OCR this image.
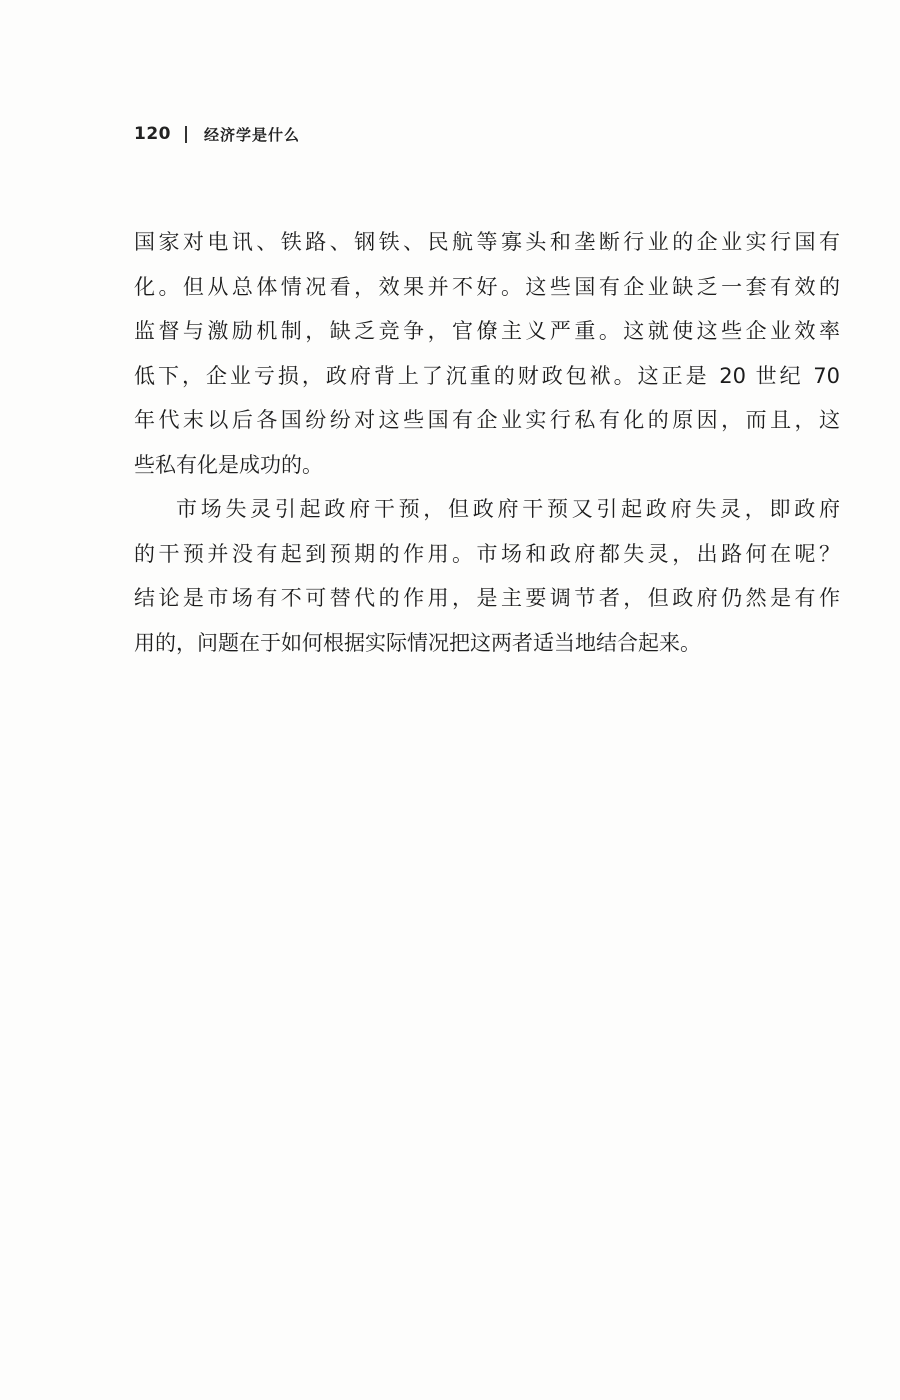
120 经济学是什么
国家对电讯、铁路、钢铁、民航等寡头和垄断行业的企业实行国有
化。但从总体情况看，效果并不好。这些国有企业缺乏一套有效的
监督与激励机制，缺乏竞争，官僚主义严重。这就使这些企业效率
低下，企业亏损，政府背上了沉重的财政包袱。这正是 20 世纪 70
年代末以后各国纷纷对这些国有企业实行私有化的原因，而且，这
些私有化是成功的。
市场失灵引起政府干预，但政府干预又引起政府失灵，即政府
的干预并没有起到预期的作用。市场和政府都失灵，出路何在呢？
结论是市场有不可替代的作用，是主要调节者，但政府仍然是有作
用的，问题在于如何根据实际情况把这两者适当地结合起来。
